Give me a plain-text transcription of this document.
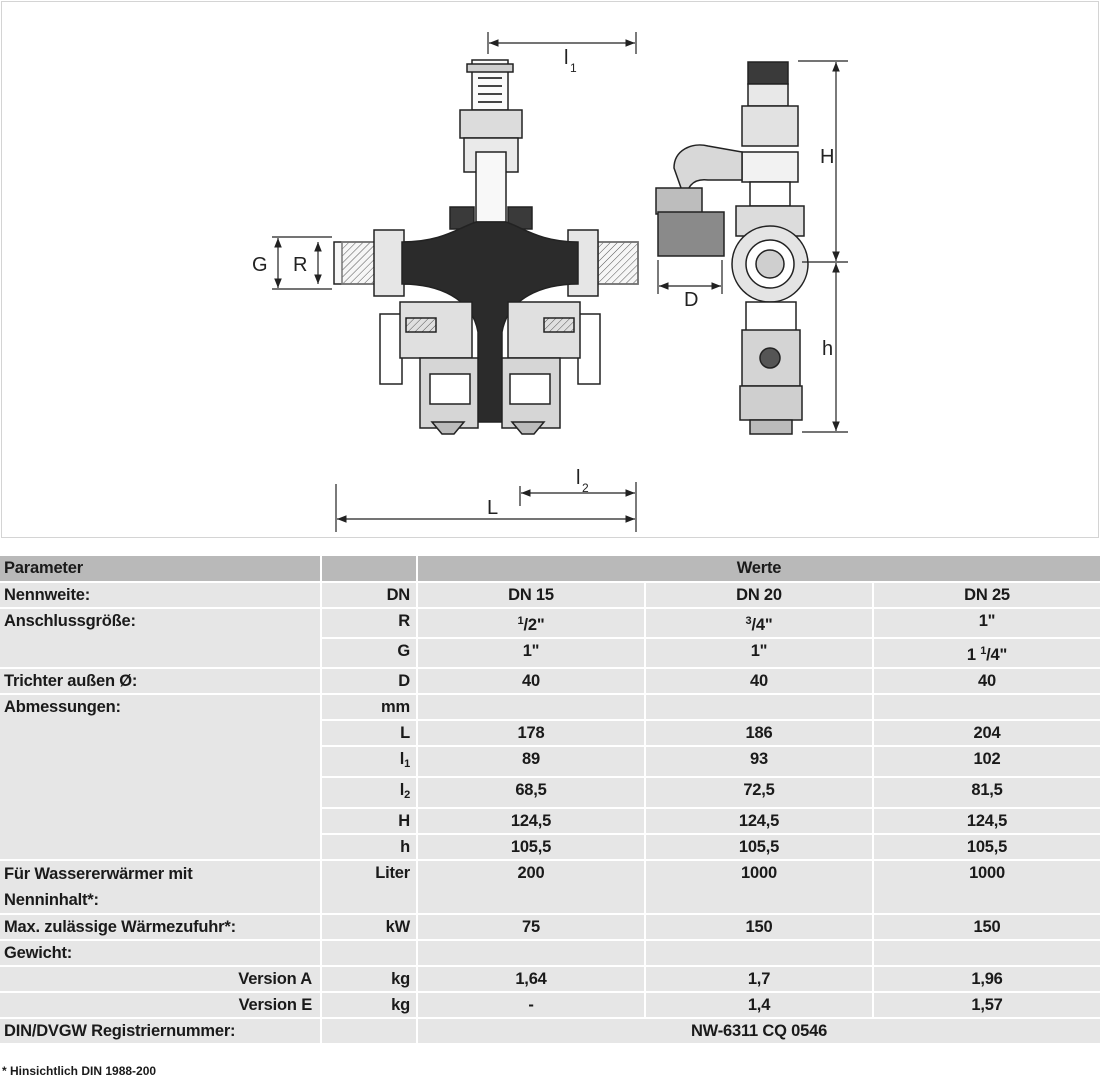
l 1
l 2
L
G R
D
H
h
Parameter		Werte		
Nennweite:	DN	DN 15	DN 20	DN 25
Anschlussgröße:	R	$^1$/2"	$^3$/4"	1"
	G	1"	1"	1 $^1$/4"
Trichter außen Ø:	D	40	40	40
Abmessungen:	mm			
	L	178	186	204
	$l_1$	89	93	102
	$l_2$	68,5	72,5	81,5
	H	124,5	124,5	124,5
	h	105,5	105,5	105,5
Für Wassererwärmer mit
Nenninhalt*:	Liter	200	1000	1000
Max. zulässige Wärmezufuhr*:	kW	75	150	150
Gewicht:				
Version A	kg	1,64	1,7	1,96
Version E	kg	-	1,4	1,57
DIN/DVGW Registriernummer:		NW-6311 CQ 0546		
* Hinsichtlich DIN 1988-200
